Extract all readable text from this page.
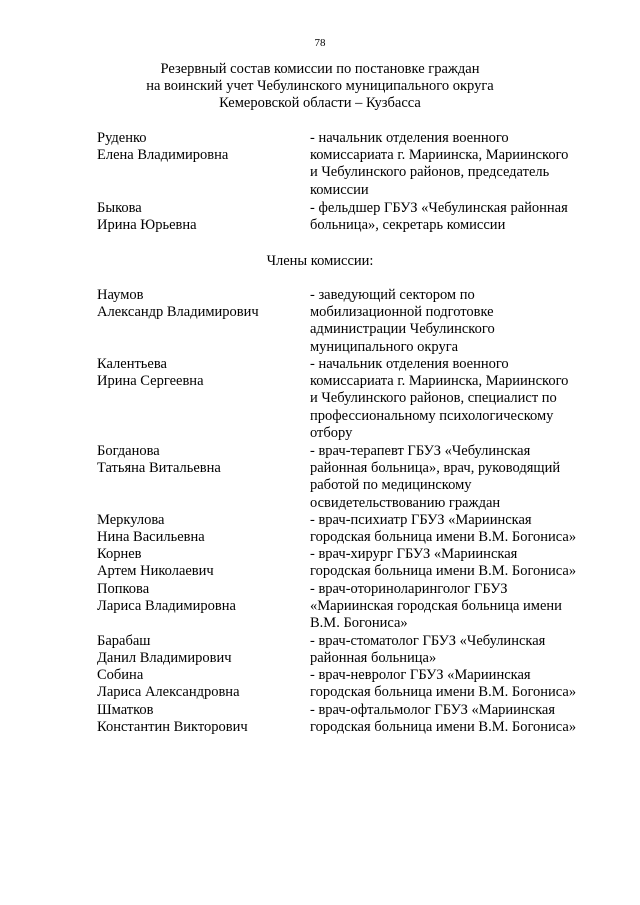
78
Резервный состав комиссии по постановке граждан
на воинский учет Чебулинского муниципального округа
Кемеровской области – Кузбасса
Руденко
Елена Владимировна
- начальник отделения военного
комиссариата г. Мариинска, Мариинского
и Чебулинского районов, председатель
комиссии
Быкова
Ирина Юрьевна
- фельдшер ГБУЗ «Чебулинская районная
больница», секретарь комиссии
Члены комиссии:
Наумов
Александр Владимирович
- заведующий сектором по
мобилизационной подготовке
администрации Чебулинского
муниципального округа
Калентьева
Ирина Сергеевна
- начальник отделения военного
комиссариата г. Мариинска, Мариинского
и Чебулинского районов, специалист по
профессиональному психологическому
отбору
Богданова
Татьяна Витальевна
- врач-терапевт ГБУЗ «Чебулинская
районная больница», врач, руководящий
работой по медицинскому
освидетельствованию граждан
Меркулова
Нина Васильевна
- врач-психиатр ГБУЗ «Мариинская
городская больница имени В.М. Богониса»
Корнев
Артем Николаевич
- врач-хирург ГБУЗ «Мариинская
городская больница имени В.М. Богониса»
Попкова
Лариса Владимировна
- врач-оториноларинголог ГБУЗ
«Мариинская городская больница имени
В.М. Богониса»
Барабаш
Данил Владимирович
- врач-стоматолог ГБУЗ «Чебулинская
районная больница»
Собина
Лариса Александровна
- врач-невролог ГБУЗ «Мариинская
городская больница имени В.М. Богониса»
Шматков
Константин Викторович
- врач-офтальмолог ГБУЗ «Мариинская
городская больница имени В.М. Богониса»
